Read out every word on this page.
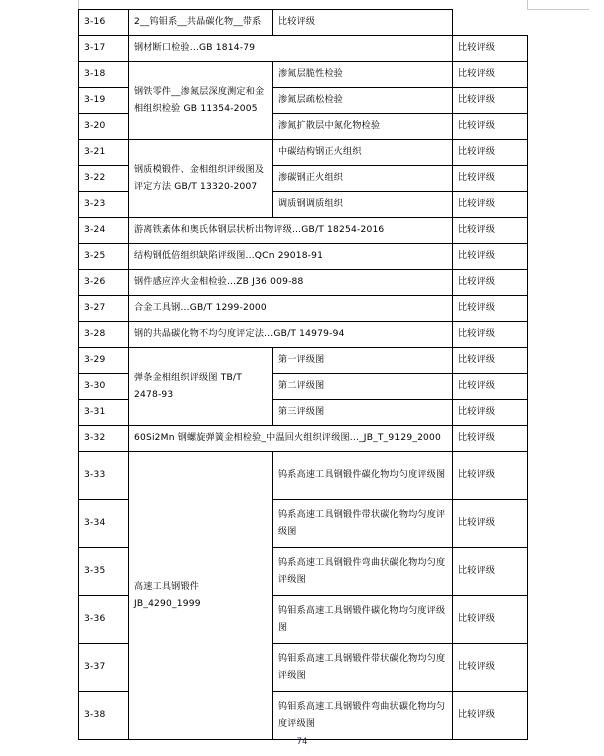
3-16	2__钨钼系__共晶碳化物__带系	比较评级	
3-17	钢材断口检验...GB 1814-79		比较评级
3-18	钢铁零件__渗氮层深度测定和金相组织检验 GB 11354-2005	渗氮层脆性检验	比较评级
3-19		渗氮层疏松检验	比较评级
3-20		渗氮扩散层中氮化物检验	比较评级
3-21	钢质模锻件、金相组织评级图及评定方法 GB/T 13320-2007	中碳结构钢正火组织	比较评级
3-22		渗碳钢正火组织	比较评级
3-23		调质钢调质组织	比较评级
3-24	游离铁紊体和奥氏体钢层状析出物评级...GB/T 18254-2016		比较评级
3-25	结构钢低倍组织缺陷评级图...QCn 29018-91		比较评级
3-26	钢件感应淬火金相检验...ZB J36 009-88		比较评级
3-27	合金工具钢...GB/T 1299-2000		比较评级
3-28	钢的共晶碳化物不均匀度评定法...GB/T 14979-94		比较评级
3-29	弹条金相组织评级图 TB/T 2478-93	第一评级图	比较评级
3-30		第二评级图	比较评级
3-31		第三评级图	比较评级
3-32	60Si2Mn 钢螺旋弹簧金相检验_中温回火组织评级图..._JB_T_9129_2000		比较评级
3-33	高速工具钢锻件 JB_4290_1999	钨系高速工具钢锻件碳化物均匀度评级图	比较评级
3-34		钨系高速工具钢锻件带状碳化物均匀度评级图	比较评级
3-35		钨系高速工具钢锻件弯曲状碳化物均匀度评级图	比较评级
3-36		钨钼系高速工具钢锻件碳化物均匀度评级图	比较评级
3-37		钨钼系高速工具钢锻件带状碳化物均匀度评级图	比较评级
3-38		钨钼系高速工具钢锻件弯曲状碳化物均匀度评级图	比较评级
74
